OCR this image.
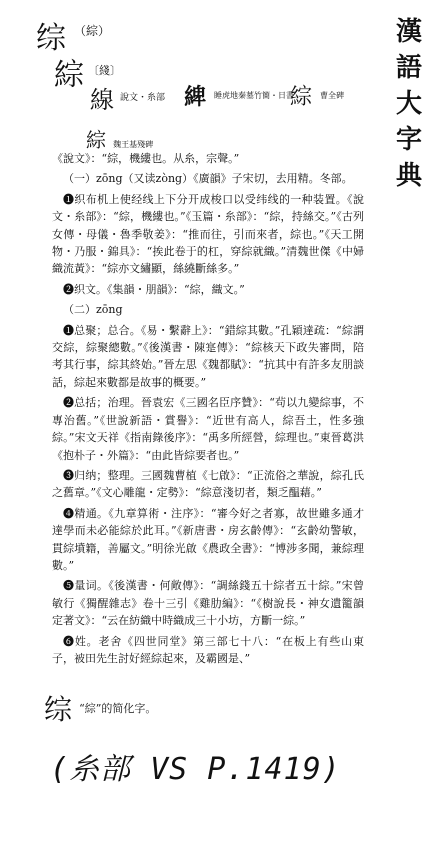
漢
語
大
字
典
综 （綜）
綜 〔綫〕
線 說文・糸部 綼 睡虎地秦墓竹簡・日書
綜 曹全碑
綜 魏王基殘碑

《說文》：“綜，機縷也。从糸，宗聲。”

（一）zōng（又读zòng）《廣韻》子宋切，去用精。冬部。

❶织布机上使经线上下分开成梭口以受纬线的一种装置。《說文・糸部》：“綜，機縷也。”《玉篇・糸部》：“綜，持絲交。”《古列女傳・母儀・魯季敬姜》：“推而往，引而來者，綜也。”《天工開物・乃服・錦具》：“挨此卷于的杠，穿綜就織。”清魏世傑《中婦織流黃》：“綜亦文繡顯，絲繞斷絲多。”

❷织文。《集韻・朋韻》：“綜，織文。”

（二）zōng

❶总聚；总合。《易・繫辭上》：“錯綜其數。”孔穎達疏：“綜謂交綜，綜聚總數。”《後漢書・陳寔傳》：“綜核天下政失審問，陪考其行事，綜其終始。”晉左思《魏都賦》：“抗其中有許多友朋談話，綜起來數都是故事的概要。”

❷总括；治理。晉袁宏《三國名臣序贊》：“茍以九變綜事，不專治舊。”《世說新語・賞譽》：“近世有高人，綜吾土，性多強綜。”宋文天祥《指南錄後序》：“禹多所經營，綜理也。”東晉葛洪《抱朴子・外篇》：“由此皆綜要者也。”

❸归纳；整理。三國魏曹植《七啟》：“正流俗之華說，綜孔氏之舊章。”《文心雕龍・定勢》：“綜意淺切者，類乏醖藉。”

❹精通。《九章算術・注序》：“審今好之者寡，故世雖多通才達學而未必能綜於此耳。”《新唐書・房玄齡傳》：“玄齡幼警敏，貫綜墳籍，善屬文。”明徐光啟《農政全書》：“博涉多聞，兼綜理數。”

❺量词。《後漢書・何敞傳》：“調絲錢五十綜者五十綜。”宋曾敏行《獨醒雜志》卷十三引《雞肋編》：“《樹說長・神女遺籠韻定著文》：“云在紡織中時織成三十小坊，方斷一綜。”

❻姓。老舍《四世同堂》第三部七十八：“在板上有些山東子，被田先生討好經綜起來，及霸國是、”

综 “綜”的简化字。
(糸部 VS P.1419)
